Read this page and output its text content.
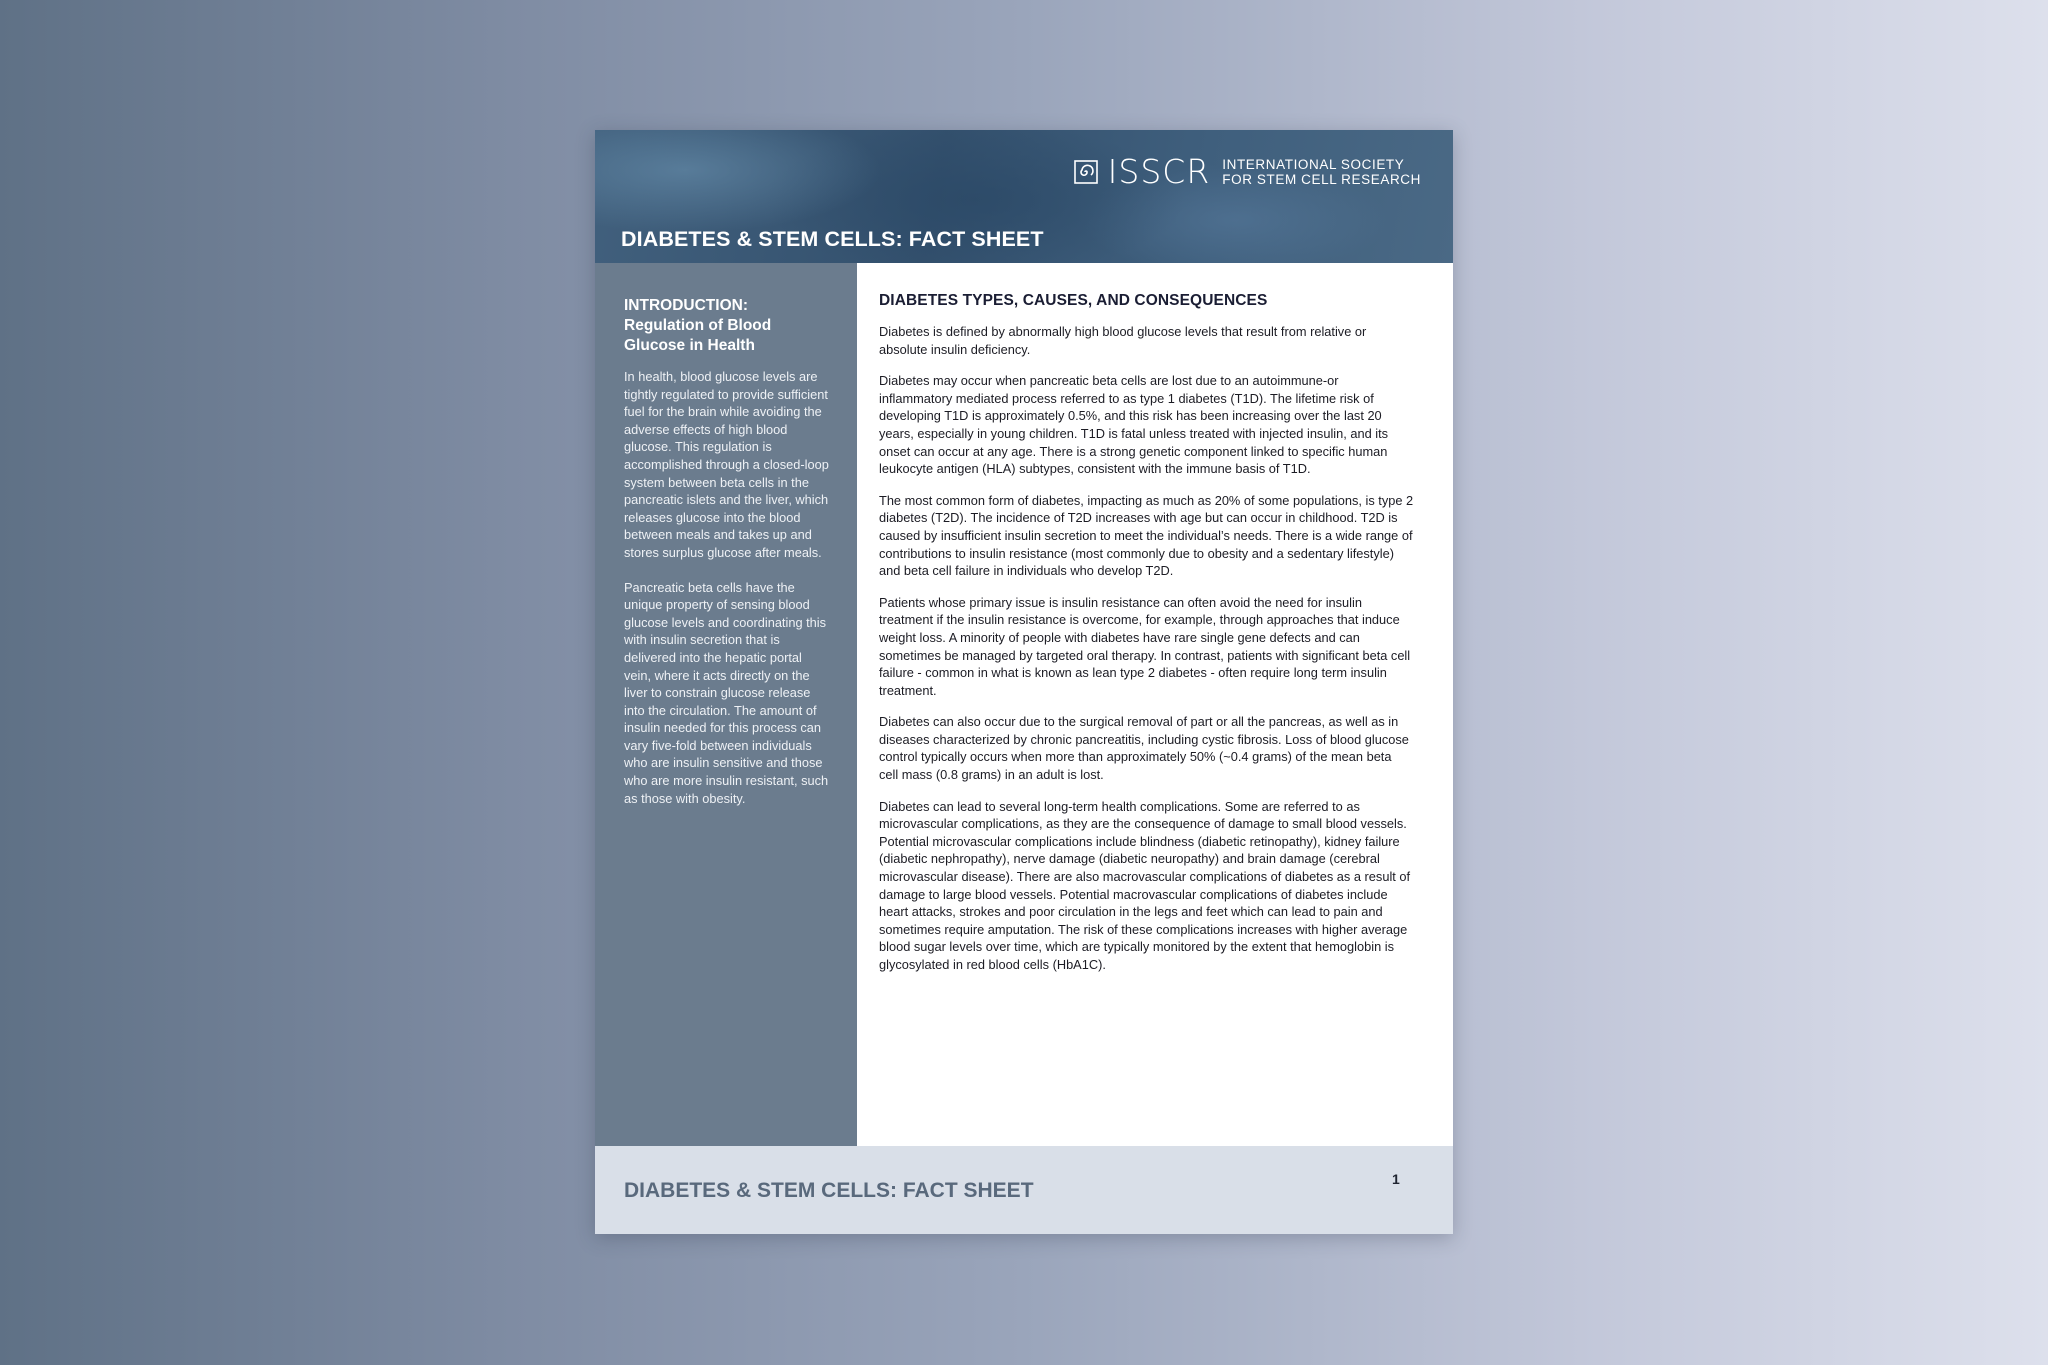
ISSCR INTERNATIONAL SOCIETY
FOR STEM CELL RESEARCH
DIABETES & STEM CELLS: FACT SHEET
INTRODUCTION:
Regulation of Blood
Glucose in Health

In health, blood glucose levels are tightly regulated to provide sufficient fuel for the brain while avoiding the adverse effects of high blood glucose. This regulation is accomplished through a closed-loop system between beta cells in the pancreatic islets and the liver, which releases glucose into the blood between meals and takes up and stores surplus glucose after meals.

Pancreatic beta cells have the unique property of sensing blood glucose levels and coordinating this with insulin secretion that is delivered into the hepatic portal vein, where it acts directly on the liver to constrain glucose release into the circulation. The amount of insulin needed for this process can vary five-fold between individuals who are insulin sensitive and those who are more insulin resistant, such as those with obesity.

DIABETES TYPES, CAUSES, AND CONSEQUENCES

Diabetes is defined by abnormally high blood glucose levels that result from relative or absolute insulin deficiency.

Diabetes may occur when pancreatic beta cells are lost due to an autoimmune-or inflammatory mediated process referred to as type 1 diabetes (T1D). The lifetime risk of developing T1D is approximately 0.5%, and this risk has been increasing over the last 20 years, especially in young children. T1D is fatal unless treated with injected insulin, and its onset can occur at any age. There is a strong genetic component linked to specific human leukocyte antigen (HLA) subtypes, consistent with the immune basis of T1D.

The most common form of diabetes, impacting as much as 20% of some populations, is type 2 diabetes (T2D). The incidence of T2D increases with age but can occur in childhood. T2D is caused by insufficient insulin secretion to meet the individual’s needs. There is a wide range of contributions to insulin resistance (most commonly due to obesity and a sedentary lifestyle) and beta cell failure in individuals who develop T2D.

Patients whose primary issue is insulin resistance can often avoid the need for insulin treatment if the insulin resistance is overcome, for example, through approaches that induce weight loss. A minority of people with diabetes have rare single gene defects and can sometimes be managed by targeted oral therapy. In contrast, patients with significant beta cell failure - common in what is known as lean type 2 diabetes - often require long term insulin treatment.

Diabetes can also occur due to the surgical removal of part or all the pancreas, as well as in diseases characterized by chronic pancreatitis, including cystic fibrosis. Loss of blood glucose control typically occurs when more than approximately 50% (~0.4 grams) of the mean beta cell mass (0.8 grams) in an adult is lost.

Diabetes can lead to several long-term health complications. Some are referred to as microvascular complications, as they are the consequence of damage to small blood vessels. Potential microvascular complications include blindness (diabetic retinopathy), kidney failure (diabetic nephropathy), nerve damage (diabetic neuropathy) and brain damage (cerebral microvascular disease). There are also macrovascular complications of diabetes as a result of damage to large blood vessels. Potential macrovascular complications of diabetes include heart attacks, strokes and poor circulation in the legs and feet which can lead to pain and sometimes require amputation. The risk of these complications increases with higher average blood sugar levels over time, which are typically monitored by the extent that hemoglobin is glycosylated in red blood cells (HbA1C).

DIABETES & STEM CELLS: FACT SHEET	1
